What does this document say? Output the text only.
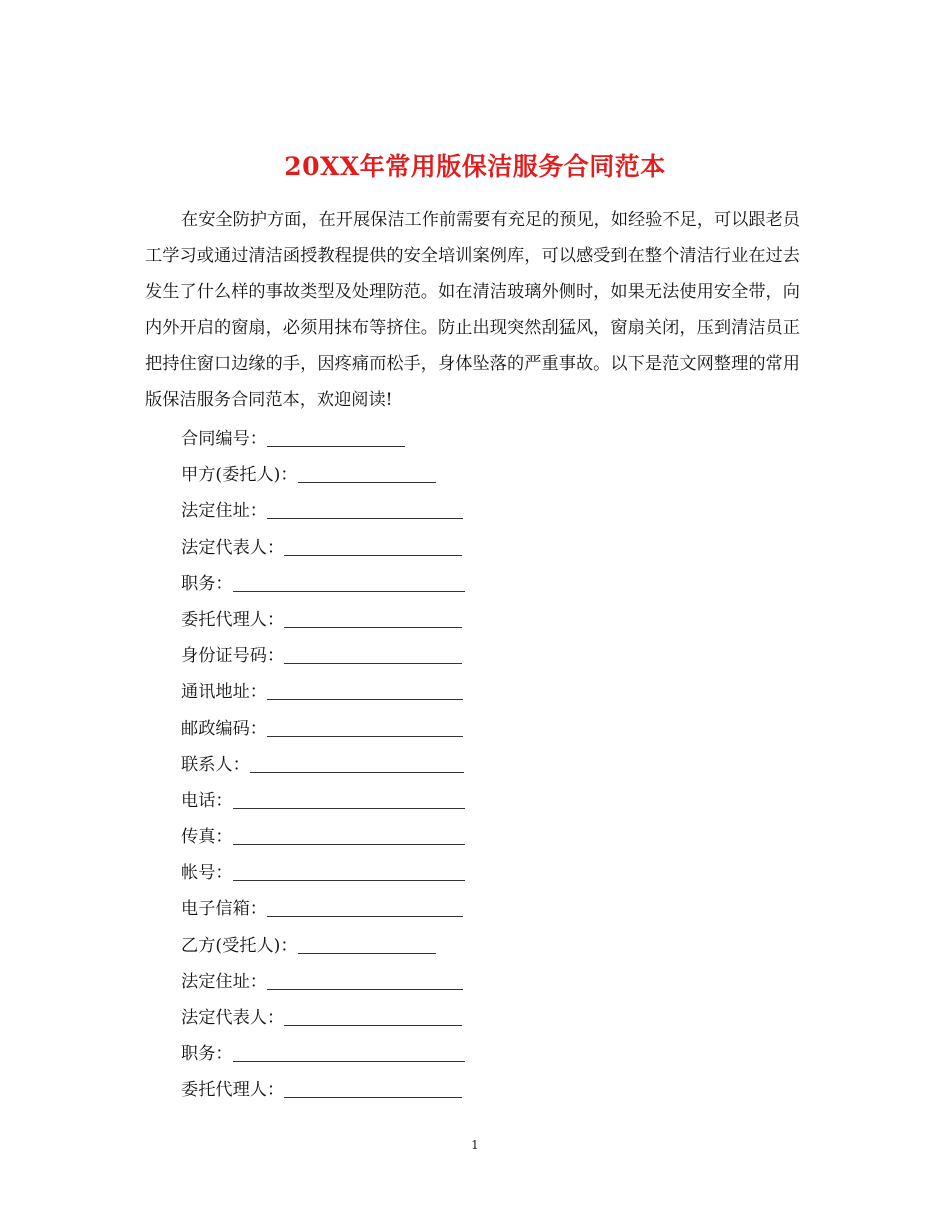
20XX年常用版保洁服务合同范本

在安全防护方面，在开展保洁工作前需要有充足的预见，如经验不足，可以跟老员工学习或通过清洁函授教程提供的安全培训案例库，可以感受到在整个清洁行业在过去发生了什么样的事故类型及处理防范。如在清洁玻璃外侧时，如果无法使用安全带，向内外开启的窗扇，必须用抹布等挤住。防止出现突然刮猛风，窗扇关闭，压到清洁员正把持住窗口边缘的手，因疼痛而松手，身体坠落的严重事故。以下是范文网整理的常用版保洁服务合同范本，欢迎阅读!

合同编号：
甲方(委托人)：
法定住址：
法定代表人：
职务：
委托代理人：
身份证号码：
通讯地址：
邮政编码：
联系人：
电话：
传真：
帐号：
电子信箱：
乙方(受托人)：
法定住址：
法定代表人：
职务：
委托代理人：
1
